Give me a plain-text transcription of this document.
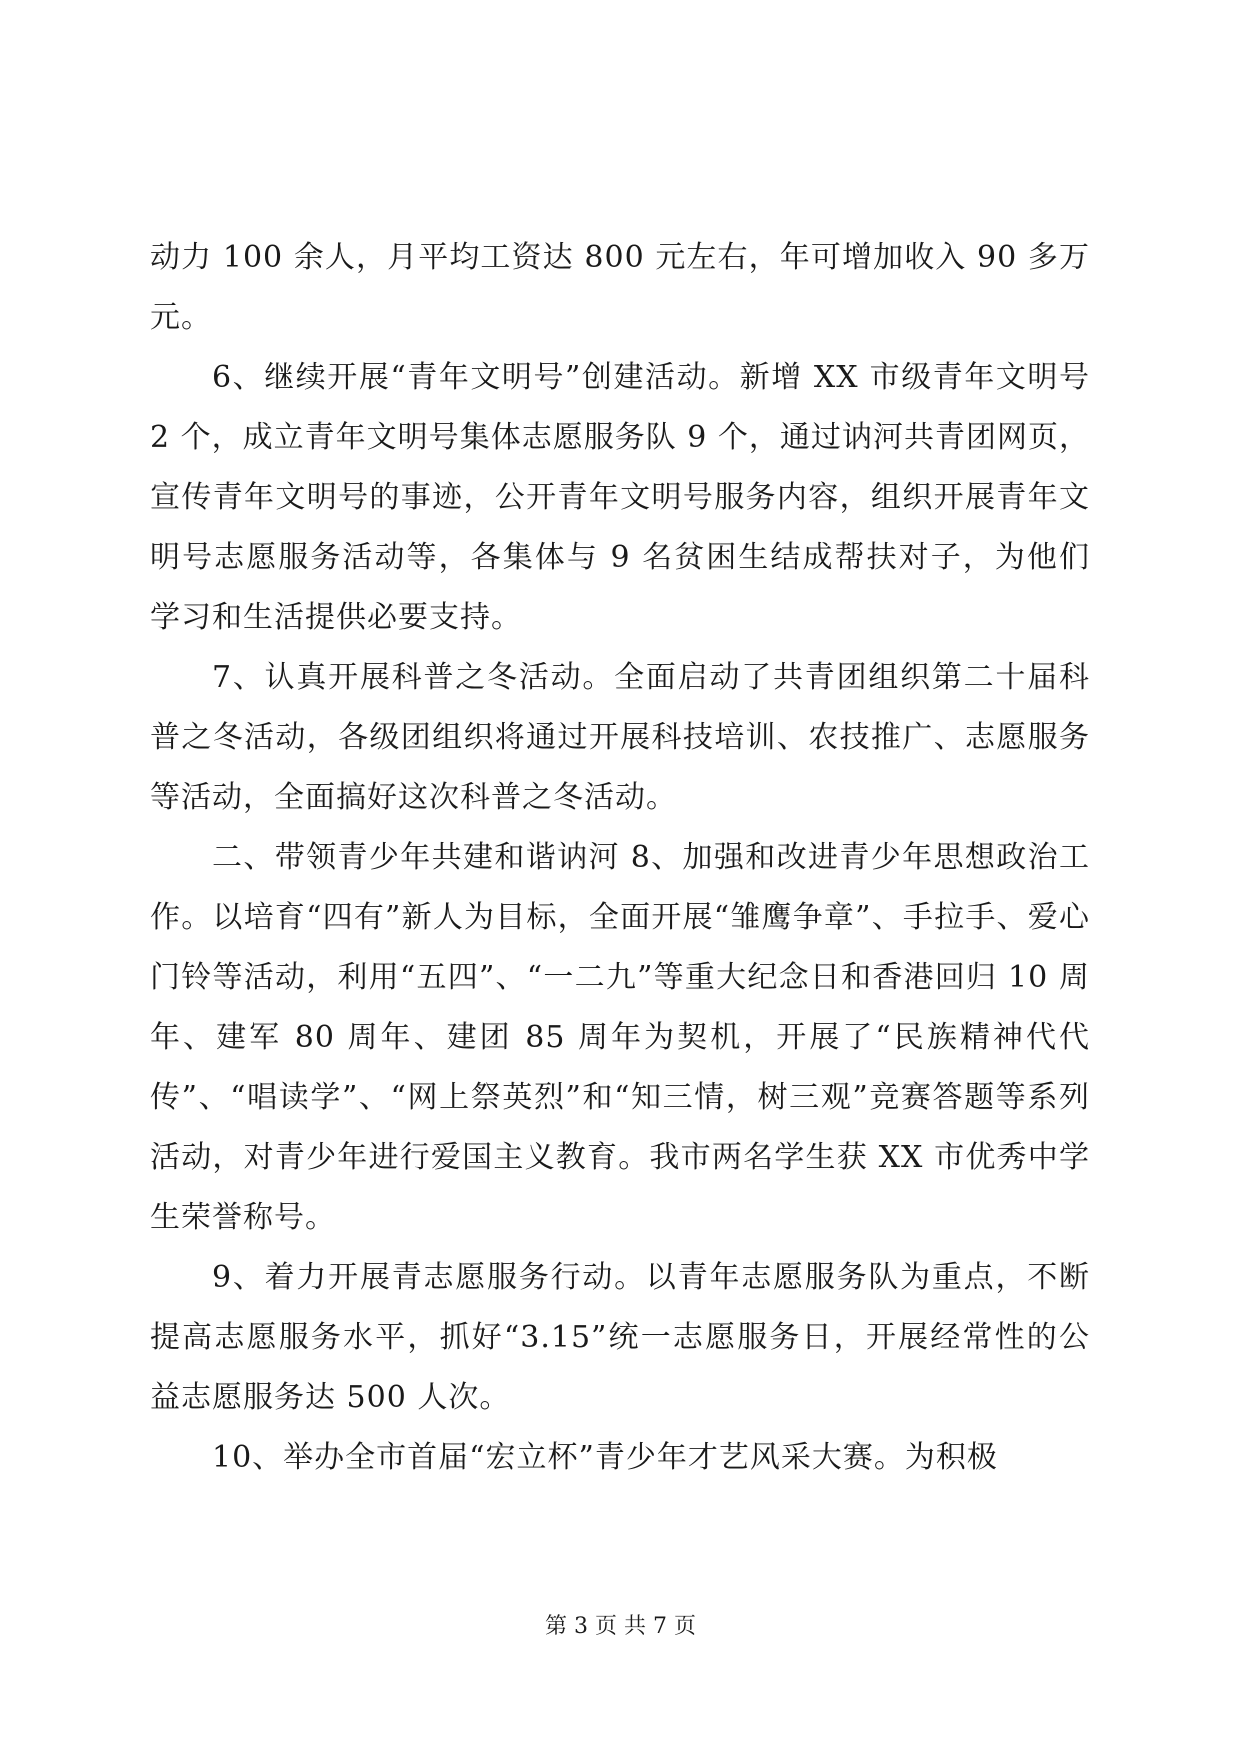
动力 100 余人，月平均工资达 800 元左右，年可增加收入 90 多万元。

6、继续开展“青年文明号”创建活动。新增 XX 市级青年文明号 2 个，成立青年文明号集体志愿服务队 9 个，通过讷河共青团网页，宣传青年文明号的事迹，公开青年文明号服务内容，组织开展青年文明号志愿服务活动等，各集体与 9 名贫困生结成帮扶对子，为他们学习和生活提供必要支持。

7、认真开展科普之冬活动。全面启动了共青团组织第二十届科普之冬活动，各级团组织将通过开展科技培训、农技推广、志愿服务等活动，全面搞好这次科普之冬活动。

二、带领青少年共建和谐讷河 8、加强和改进青少年思想政治工作。以培育“四有”新人为目标，全面开展“雏鹰争章”、手拉手、爱心门铃等活动，利用“五四”、“一二九”等重大纪念日和香港回归 10 周年、建军 80 周年、建团 85 周年为契机，开展了“民族精神代代传”、“唱读学”、“网上祭英烈”和“知三情，树三观”竞赛答题等系列活动，对青少年进行爱国主义教育。我市两名学生获 XX 市优秀中学生荣誉称号。

9、着力开展青志愿服务行动。以青年志愿服务队为重点，不断提高志愿服务水平，抓好“3.15”统一志愿服务日，开展经常性的公益志愿服务达 500 人次。

10、举办全市首届“宏立杯”青少年才艺风采大赛。为积极

第 3 页 共 7 页
